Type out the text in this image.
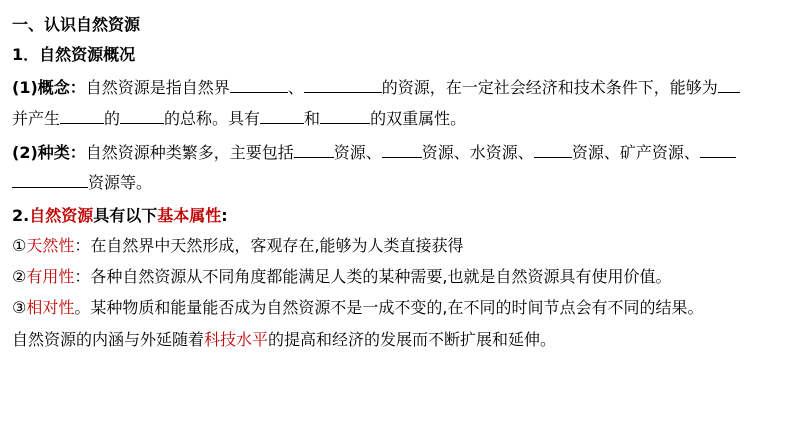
一、认识自然资源
1．自然资源概况
(1)概念：自然资源是指自然界	、	的资源，在一定社会经济和技术条件下，能够为
并产生	的	的总称。具有	和	的双重属性。
(2)种类：自然资源种类繁多，主要包括	资源、	资源、水资源、 资源、矿产资源、
资源等。
2.自然资源具有以下基本属性:
①天然性：在自然界中天然形成，客观存在,能够为人类直接获得
②有用性：各种自然资源从不同角度都能满足人类的某种需要,也就是自然资源具有使用价值。
③相对性。某种物质和能量能否成为自然资源不是一成不变的,在不同的时间节点会有不同的结果。
自然资源的内涵与外延随着科技水平的提高和经济的发展而不断扩展和延伸。
